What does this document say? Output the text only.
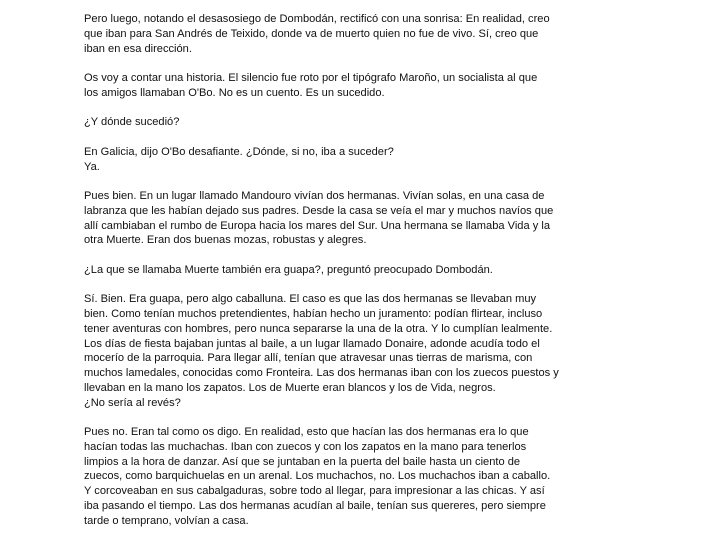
Pero luego, notando el desasosiego de Dombodán, rectificó con una sonrisa: En realidad, creo
que iban para San Andrés de Teixido, donde va de muerto quien no fue de vivo. Sí, creo que
iban en esa dirección.

Os voy a contar una historia. El silencio fue roto por el tipógrafo Maroño, un socialista al que
los amigos llamaban O'Bo. No es un cuento. Es un sucedido.

¿Y dónde sucedió?

En Galicia, dijo O'Bo desafiante. ¿Dónde, si no, iba a suceder?
Ya.

Pues bien. En un lugar llamado Mandouro vivían dos hermanas. Vivían solas, en una casa de
labranza que les habían dejado sus padres. Desde la casa se veía el mar y muchos navíos que
allí cambiaban el rumbo de Europa hacia los mares del Sur. Una hermana se llamaba Vida y la
otra Muerte. Eran dos buenas mozas, robustas y alegres.

¿La que se llamaba Muerte también era guapa?, preguntó preocupado Dombodán.

Sí. Bien. Era guapa, pero algo caballuna. El caso es que las dos hermanas se llevaban muy
bien. Como tenían muchos pretendientes, habían hecho un juramento: podían flirtear, incluso
tener aventuras con hombres, pero nunca separarse la una de la otra. Y lo cumplían lealmente.
Los días de fiesta bajaban juntas al baile, a un lugar llamado Donaire, adonde acudía todo el
mocerío de la parroquia. Para llegar allí, tenían que atravesar unas tierras de marisma, con
muchos lamedales, conocidas como Fronteira. Las dos hermanas iban con los zuecos puestos y
llevaban en la mano los zapatos. Los de Muerte eran blancos y los de Vida, negros.
¿No sería al revés?

Pues no. Eran tal como os digo. En realidad, esto que hacían las dos hermanas era lo que
hacían todas las muchachas. Iban con zuecos y con los zapatos en la mano para tenerlos
limpios a la hora de danzar. Así que se juntaban en la puerta del baile hasta un ciento de
zuecos, como barquichuelas en un arenal. Los muchachos, no. Los muchachos iban a caballo.
Y corcoveaban en sus cabalgaduras, sobre todo al llegar, para impresionar a las chicas. Y así
iba pasando el tiempo. Las dos hermanas acudían al baile, tenían sus quereres, pero siempre
tarde o temprano, volvían a casa.
